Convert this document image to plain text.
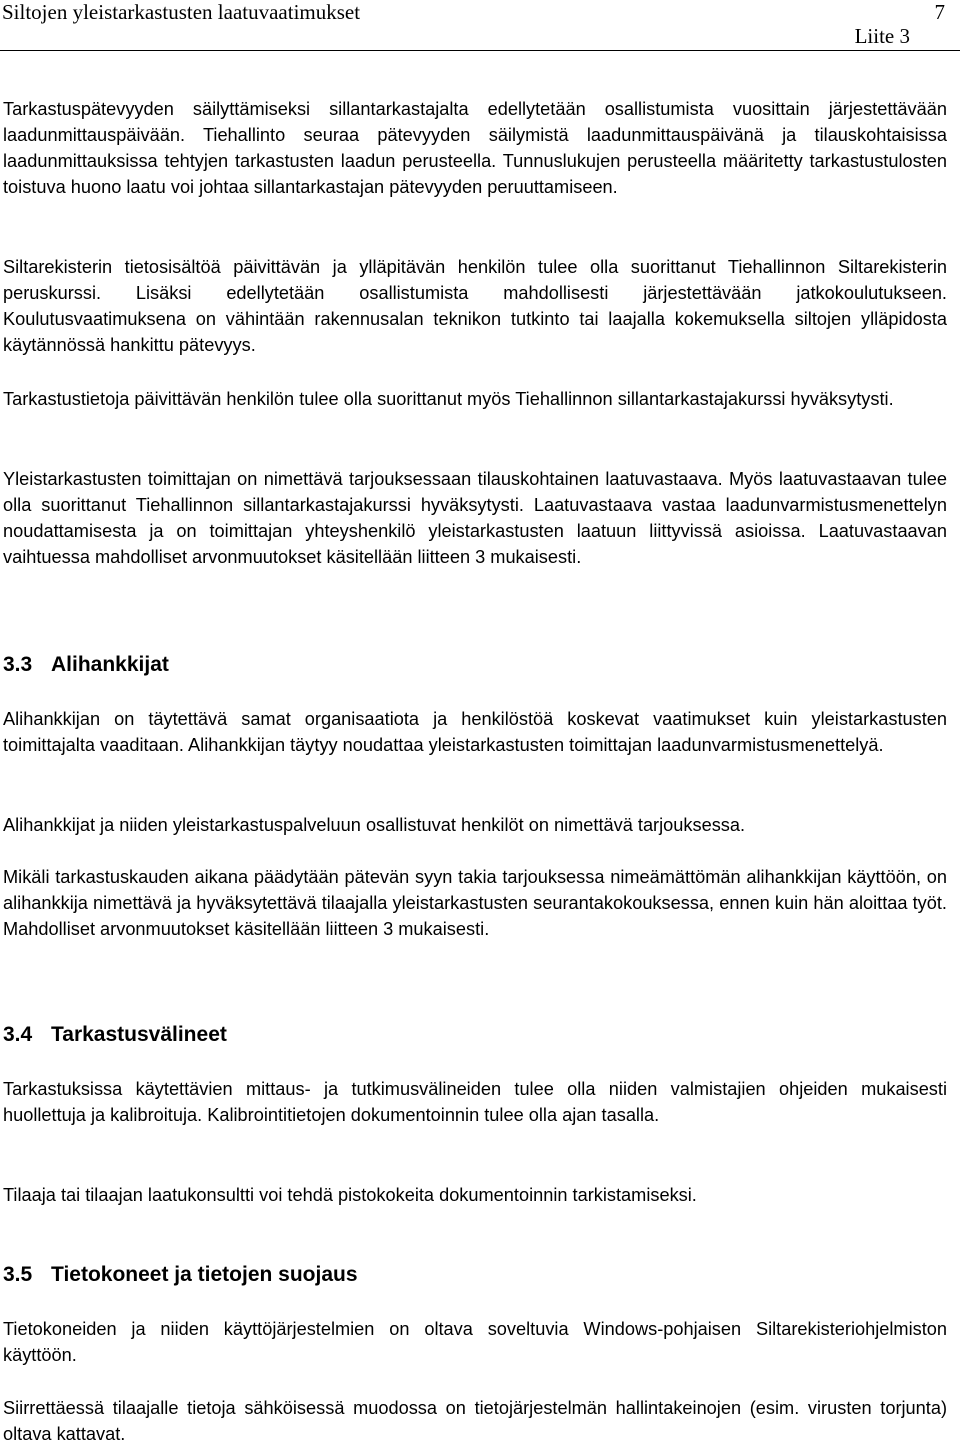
Siltojen yleistarkastusten laatuvaatimukset	7
Liite 3

Tarkastuspätevyyden säilyttämiseksi sillantarkastajalta edellytetään osallistumista vuosittain järjestettävään laadunmittauspäivään. Tiehallinto seuraa pätevyyden säilymistä laadunmittauspäivänä ja tilauskohtaisissa laadunmittauksissa tehtyjen tarkastusten laadun perusteella. Tunnuslukujen perusteella määritetty tarkastustulosten toistuva huono laatu voi johtaa sillantarkastajan pätevyyden peruuttamiseen.

Siltarekisterin tietosisältöä päivittävän ja ylläpitävän henkilön tulee olla suorittanut Tiehallinnon Siltarekisterin peruskurssi. Lisäksi edellytetään osallistumista mahdollisesti järjestettävään jatkokoulutukseen. Koulutusvaatimuksena on vähintään rakennusalan teknikon tutkinto tai laajalla kokemuksella siltojen ylläpidosta käytännössä hankittu pätevyys.

Tarkastustietoja päivittävän henkilön tulee olla suorittanut myös Tiehallinnon sillantarkastajakurssi hyväksytysti.

Yleistarkastusten toimittajan on nimettävä tarjouksessaan tilauskohtainen laatuvastaava. Myös laatuvastaavan tulee olla suorittanut Tiehallinnon sillantarkastajakurssi hyväksytysti. Laatuvastaava vastaa laadunvarmistusmenettelyn noudattamisesta ja on toimittajan yhteyshenkilö yleistarkastusten laatuun liittyvissä asioissa. Laatuvastaavan vaihtuessa mahdolliset arvonmuutokset käsitellään liitteen 3 mukaisesti.

3.3 Alihankkijat

Alihankkijan on täytettävä samat organisaatiota ja henkilöstöä koskevat vaatimukset kuin yleistarkastusten toimittajalta vaaditaan. Alihankkijan täytyy noudattaa yleistarkastusten toimittajan laadunvarmistusmenettelyä.

Alihankkijat ja niiden yleistarkastuspalveluun osallistuvat henkilöt on nimettävä tarjouksessa.

Mikäli tarkastuskauden aikana päädytään pätevän syyn takia tarjouksessa nimeämättömän alihankkijan käyttöön, on alihankkija nimettävä ja hyväksytettävä tilaajalla yleistarkastusten seurantakokouksessa, ennen kuin hän aloittaa työt. Mahdolliset arvonmuutokset käsitellään liitteen 3 mukaisesti.

3.4 Tarkastusvälineet

Tarkastuksissa käytettävien mittaus- ja tutkimusvälineiden tulee olla niiden valmistajien ohjeiden mukaisesti huollettuja ja kalibroituja. Kalibrointitietojen dokumentoinnin tulee olla ajan tasalla.

Tilaaja tai tilaajan laatukonsultti voi tehdä pistokokeita dokumentoinnin tarkistamiseksi.

3.5 Tietokoneet ja tietojen suojaus

Tietokoneiden ja niiden käyttöjärjestelmien on oltava soveltuvia Windows-pohjaisen Siltarekisteriohjelmiston käyttöön.

Siirrettäessä tilaajalle tietoja sähköisessä muodossa on tietojärjestelmän hallintakeinojen (esim. virusten torjunta) oltava kattavat.
